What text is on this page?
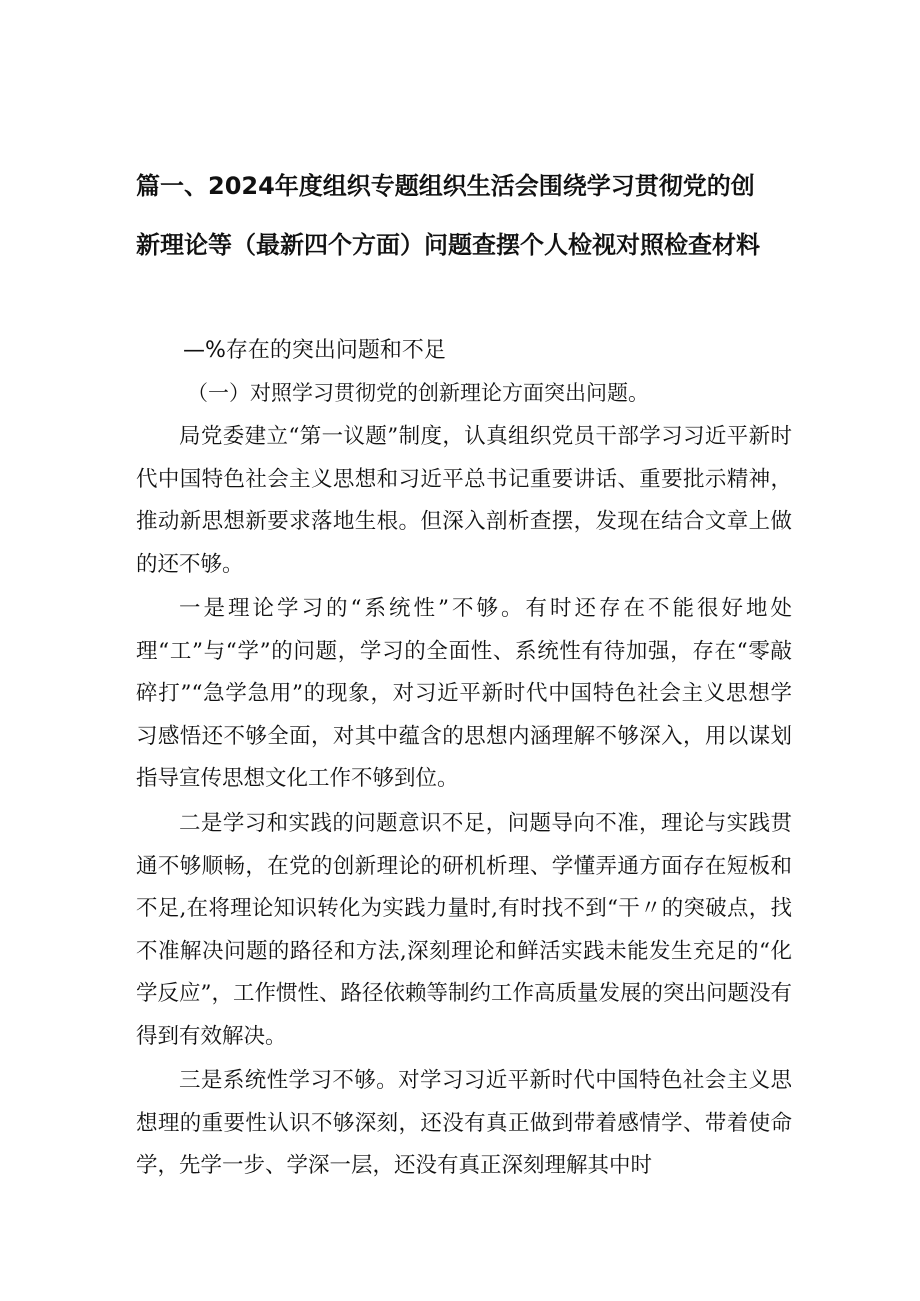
篇一、2024年度组织专题组织生活会围绕学习贯彻党的创
新理论等（最新四个方面）问题查摆个人检视对照检查材料
—%存在的突出问题和不足
（一）对照学习贯彻党的创新理论方面突出问题。

局党委建立“第一议题”制度，认真组织党员干部学习习近平新时代中国特色社会主义思想和习近平总书记重要讲话、重要批示精神，推动新思想新要求落地生根。但深入剖析查摆，发现在结合文章上做的还不够。

一是理论学习的“系统性”不够。有时还存在不能很好地处理“工”与“学”的问题，学习的全面性、系统性有待加强，存在“零敲碎打”“急学急用”的现象，对习近平新时代中国特色社会主义思想学习感悟还不够全面，对其中蕴含的思想内涵理解不够深入，用以谋划指导宣传思想文化工作不够到位。

二是学习和实践的问题意识不足，问题导向不准，理论与实践贯通不够顺畅，在党的创新理论的研机析理、学懂弄通方面存在短板和不足,在将理论知识转化为实践力量时,有时找不到“干〃的突破点，找不准解决问题的路径和方法,深刻理论和鲜活实践未能发生充足的“化学反应”，工作惯性、路径依赖等制约工作高质量发展的突出问题没有得到有效解决。

三是系统性学习不够。对学习习近平新时代中国特色社会主义思想理的重要性认识不够深刻，还没有真正做到带着感情学、带着使命学，先学一步、学深一层，还没有真正深刻理解其中时
